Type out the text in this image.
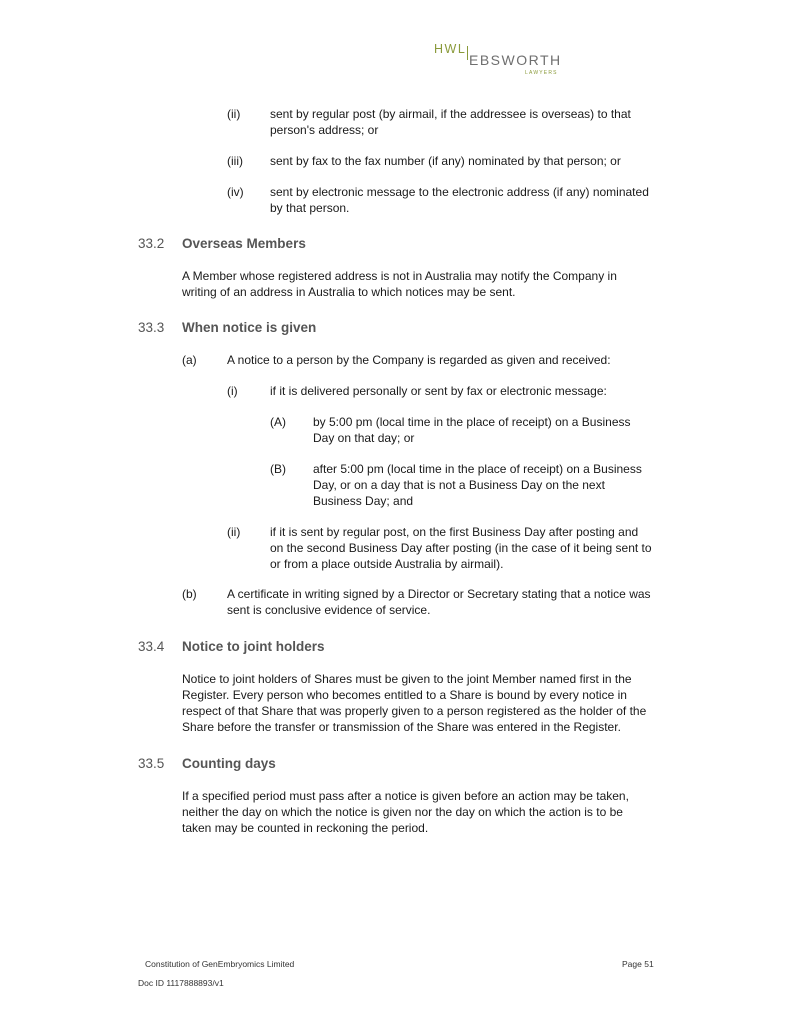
HWL
EBSWORTH
LAWYERS
(ii) sent by regular post (by airmail, if the addressee is overseas) to that
person's address; or
(iii) sent by fax to the fax number (if any) nominated by that person; or
(iv) sent by electronic message to the electronic address (if any) nominated
by that person.
33.2 Overseas Members
A Member whose registered address is not in Australia may notify the Company in
writing of an address in Australia to which notices may be sent.
33.3 When notice is given
(a)	A notice to a person by the Company is regarded as given and received:
(i)	if it is delivered personally or sent by fax or electronic message:
(A) by 5:00 pm (local time in the place of receipt) on a Business
Day on that day; or
(B) after 5:00 pm (local time in the place of receipt) on a Business
Day, or on a day that is not a Business Day on the next
Business Day; and
(ii) if it is sent by regular post, on the first Business Day after posting and
on the second Business Day after posting (in the case of it being sent to
or from a place outside Australia by airmail).
(b)	A certificate in writing signed by a Director or Secretary stating that a notice was
sent is conclusive evidence of service.
33.4 Notice to joint holders
Notice to joint holders of Shares must be given to the joint Member named first in the
Register. Every person who becomes entitled to a Share is bound by every notice in
respect of that Share that was properly given to a person registered as the holder of the
Share before the transfer or transmission of the Share was entered in the Register.
33.5 Counting days
If a specified period must pass after a notice is given before an action may be taken,
neither the day on which the notice is given nor the day on which the action is to be
taken may be counted in reckoning the period.
Constitution of GenEmbryomics Limited	Page 51
Doc ID 1117888893/v1
